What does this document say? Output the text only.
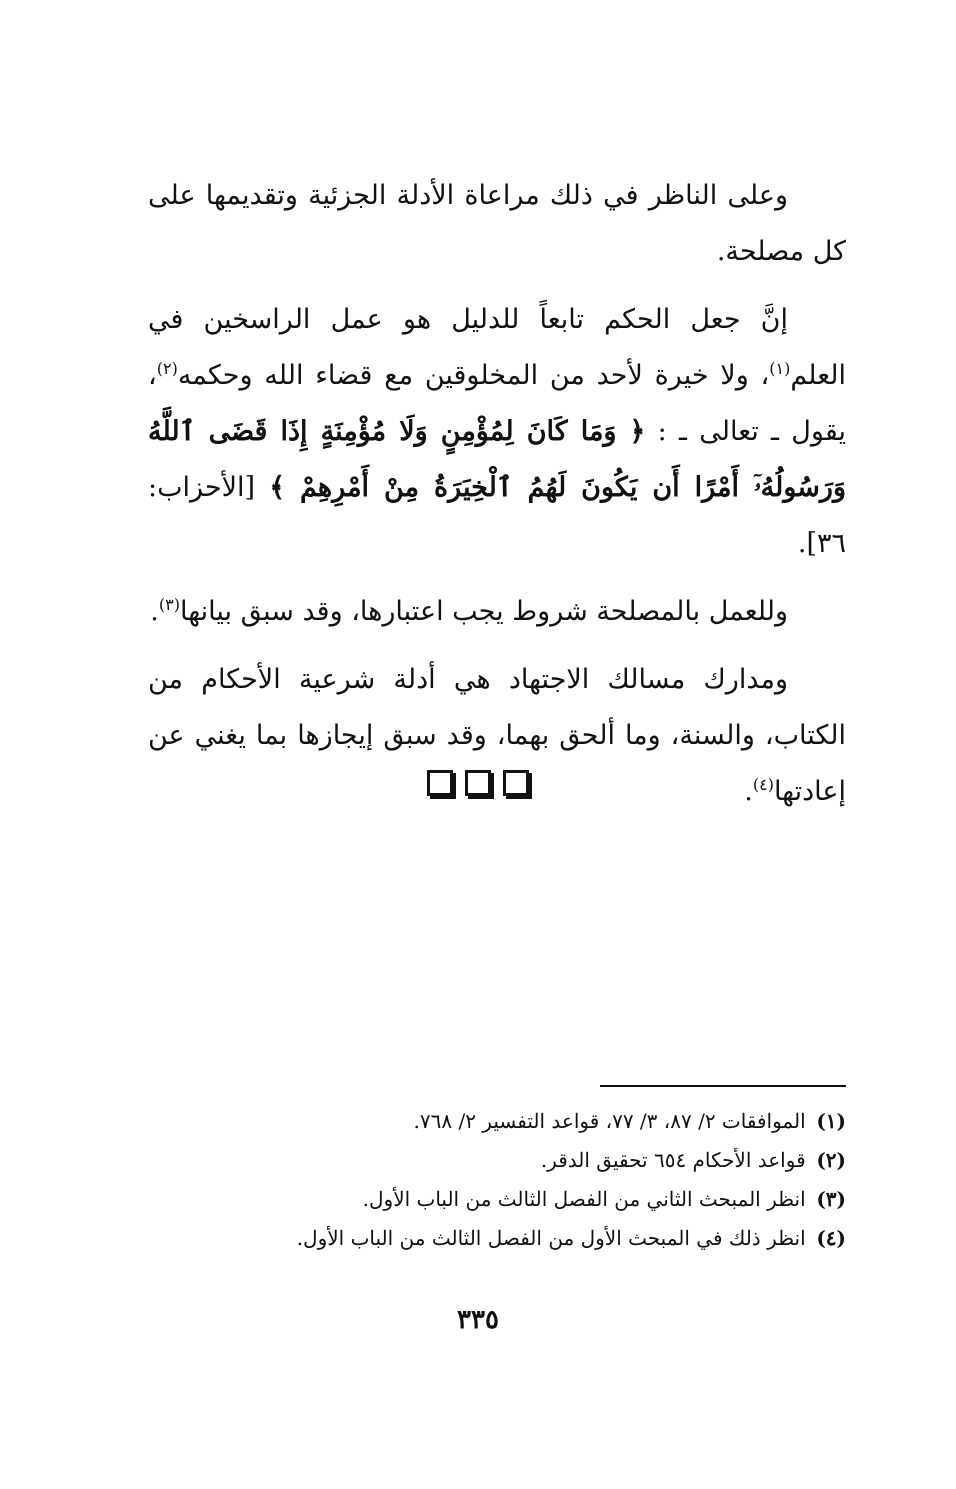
وعلى الناظر في ذلك مراعاة الأدلة الجزئية وتقديمها على كل مصلحة.

إنَّ جعل الحكم تابعاً للدليل هو عمل الراسخين في العلم$^{(١)}$، ولا خيرة لأحد من المخلوقين مع قضاء الله وحكمه$^{(٢)}$، يقول ـ تعالى ـ : ﴿ وَمَا كَانَ لِمُؤْمِنٍ وَلَا مُؤْمِنَةٍ إِذَا قَضَى ٱللَّهُ وَرَسُولُهُۥٓ أَمْرًا أَن يَكُونَ لَهُمُ ٱلْخِيَرَةُ مِنْ أَمْرِهِمْ ﴾ [الأحزاب: ٣٦].

وللعمل بالمصلحة شروط يجب اعتبارها، وقد سبق بيانها$^{(٣)}$.

ومدارك مسالك الاجتهاد هي أدلة شرعية الأحكام من الكتاب، والسنة، وما ألحق بهما، وقد سبق إيجازها بما يغني عن إعادتها$^{(٤)}$.

(١) الموافقات ٢/ ٨٧، ٣/ ٧٧، قواعد التفسير ٢/ ٧٦٨.

(٢) قواعد الأحكام ٦٥٤ تحقيق الدقر.

(٣) انظر المبحث الثاني من الفصل الثالث من الباب الأول.

(٤) انظر ذلك في المبحث الأول من الفصل الثالث من الباب الأول.

٣٣٥
